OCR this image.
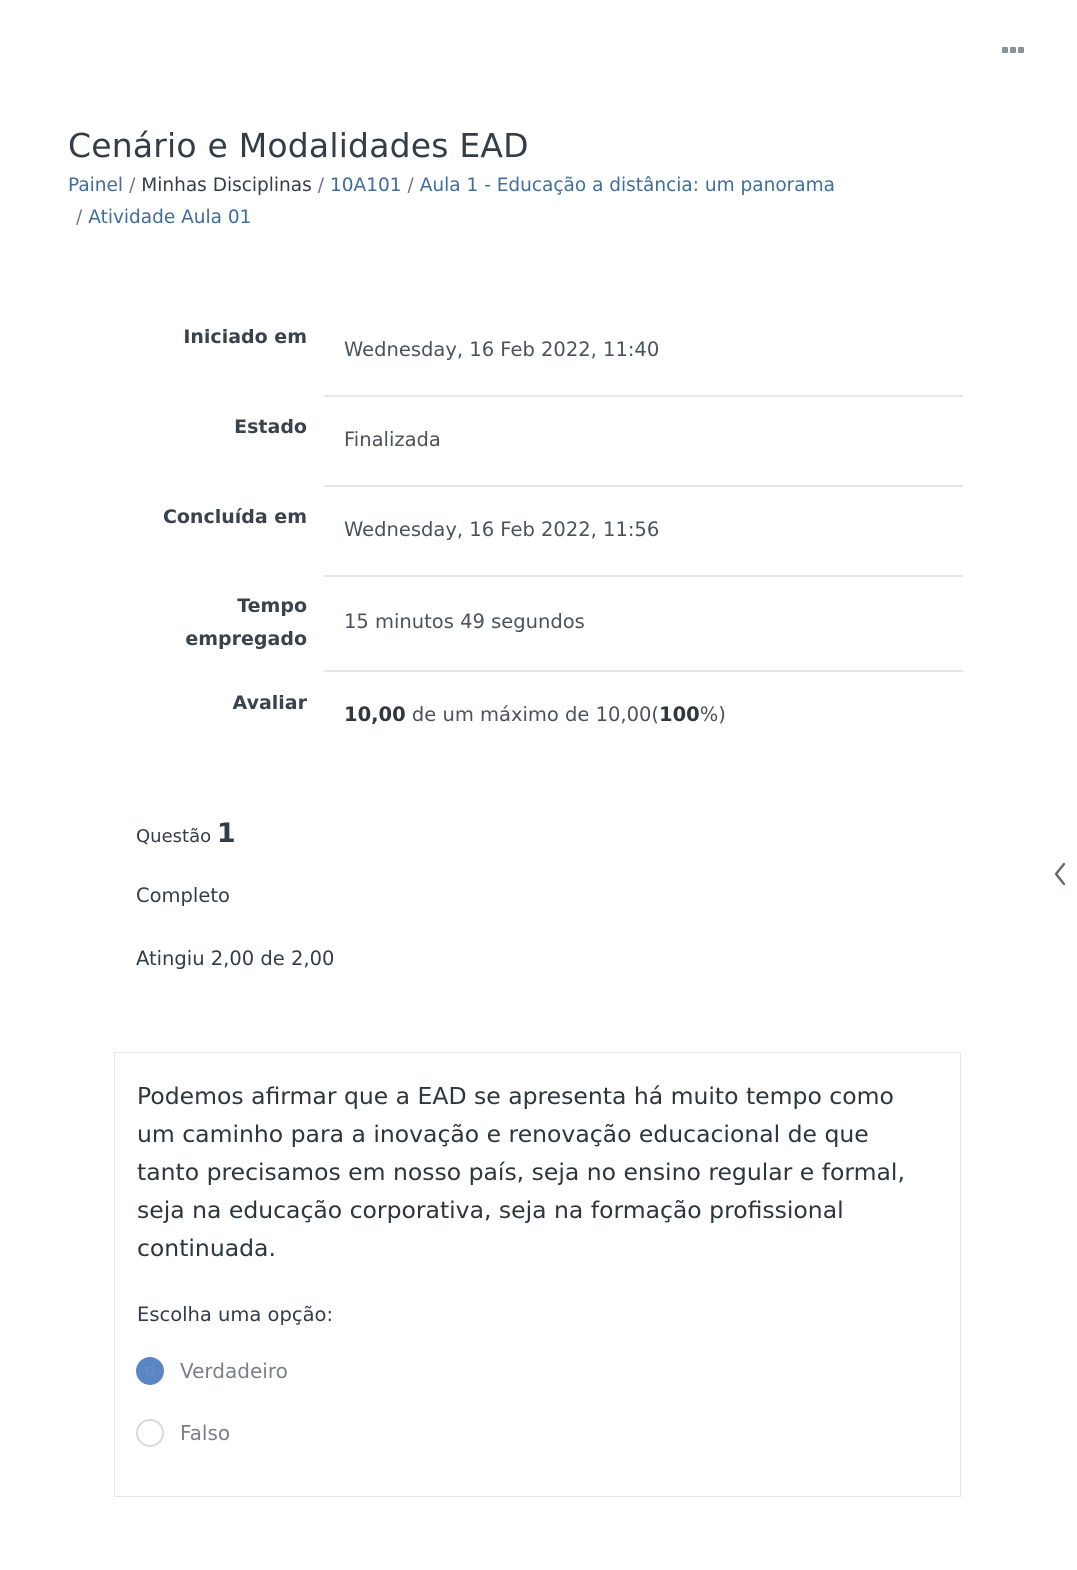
Cenário e Modalidades EAD
Painel / Minhas Disciplinas / 10A101 / Aula 1 - Educação a distância: um panorama
/ Atividade Aula 01
Iniciado em
Wednesday, 16 Feb 2022, 11:40
Estado
Finalizada
Concluída em
Wednesday, 16 Feb 2022, 11:56
Tempo
empregado
15 minutos 49 segundos
Avaliar 10,00 de um máximo de 10,00(100%)
Questão 1
Completo
Atingiu 2,00 de 2,00

Podemos afirmar que a EAD se apresenta há muito tempo como um caminho para a inovação e renovação educacional de que tanto precisamos em nosso país, seja no ensino regular e formal, seja na educação corporativa, seja na formação profissional continuada.

Escolha uma opção:
Verdadeiro
Falso
